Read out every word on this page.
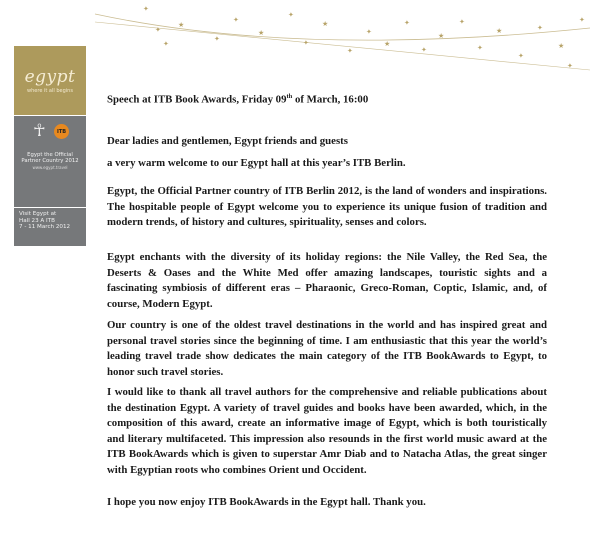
✦
✦
★
✦
✦
★
✦
✦
★
✦
✦
★
✦
✦
★
✦
✦
★
✦
✦
★
✦
✦
✦
egypt
where it all begins
☥	ITB
Egypt the Official
Partner Country 2012
www.egypt.travel
Visit Egypt at
Hall 23 A ITB
7 - 11 March 2012

Speech at ITB Book Awards, Friday 09th of March, 16:00

Dear ladies and gentlemen, Egypt friends and guests

a very warm welcome to our Egypt hall at this year’s ITB Berlin.

Egypt, the Official Partner country of ITB Berlin 2012, is the land of wonders and inspirations. The hospitable people of Egypt welcome you to experience its unique fusion of tradition and modern trends, of history and cultures, spirituality, senses and colors.

Egypt enchants with the diversity of its holiday regions: the Nile Valley, the Red Sea, the Deserts & Oases and the White Med offer amazing landscapes, touristic sights and a fascinating symbiosis of different eras – Pharaonic, Greco-Roman, Coptic, Islamic, and, of course, Modern Egypt.

Our country is one of the oldest travel destinations in the world and has inspired great and personal travel stories since the beginning of time. I am enthusiastic that this year the world’s leading travel trade show dedicates the main category of the ITB BookAwards to Egypt, to honor such travel stories.

I would like to thank all travel authors for the comprehensive and reliable publications about the destination Egypt. A variety of travel guides and books have been awarded, which, in the composition of this award, create an informative image of Egypt, which is both touristically and literary multifaceted. This impression also resounds in the first world music award at the ITB BookAwards which is given to superstar Amr Diab and to Natacha Atlas, the great singer with Egyptian roots who combines Orient und Occident.

I hope you now enjoy ITB BookAwards in the Egypt hall. Thank you.
